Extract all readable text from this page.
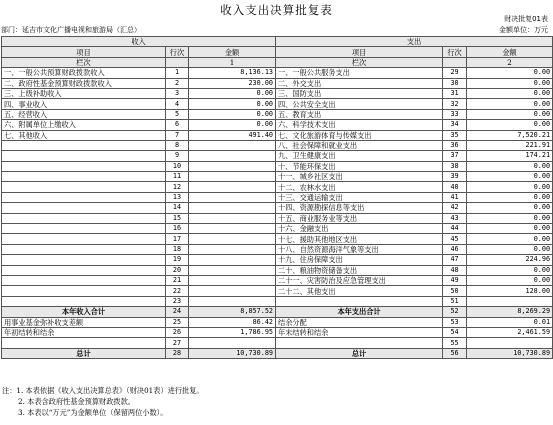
收入支出决算批复表
财决批复01表
部门：延吉市文化广播电视和旅游局（汇总）	金额单位：万元
收入			支出		
项目	行次	金额	项目	行次	金额
栏次		1	栏次		2
一、一般公共预算财政拨款收入	1	8,136.13	一、一般公共服务支出	29	0.00
二、政府性基金预算财政拨款收入	2	230.00	二、外交支出	30	0.00
三、上级补助收入	3	0.00	三、国防支出	31	0.00
四、事业收入	4	0.00	四、公共安全支出	32	0.00
五、经营收入	5	0.00	五、教育支出	33	0.00
六、附属单位上缴收入	6	0.00	六、科学技术支出	34	0.00
七、其他收入	7	491.40	七、文化旅游体育与传媒支出	35	7,520.21
	8		八、社会保障和就业支出	36	221.91
	9		九、卫生健康支出	37	174.21
	10		十、节能环保支出	38	0.00
	11		十一、城乡社区支出	39	0.00
	12		十二、农林水支出	40	0.00
	13		十三、交通运输支出	41	0.00
	14		十四、资源勘探信息等支出	42	0.00
	15		十五、商业服务业等支出	43	0.00
	16		十六、金融支出	44	0.00
	17		十七、援助其他地区支出	45	0.00
	18		十八、自然资源海洋气象等支出	46	0.00
	19		十九、住房保障支出	47	224.96
	20		二十、粮油物资储备支出	48	0.00
	21		二十一、灾害防治及应急管理支出	49	0.00
	22		二十二、其他支出	50	128.00
	23			51	
本年收入合计	24	8,857.52	本年支出合计	52	8,269.29
用事业基金弥补收支差额	25	86.42	结余分配	53	0.01
年初结转和结余	26	1,786.95	年末结转和结余	54	2,461.59
	27			55	
总计	28	10,730.89	总计	56	10,730.89
注：1. 本表依据《收入支出决算总表》（财决01表）进行批复。
2. 本表含政府性基金预算财政拨款。
3. 本表以“万元”为金额单位（保留两位小数）。
